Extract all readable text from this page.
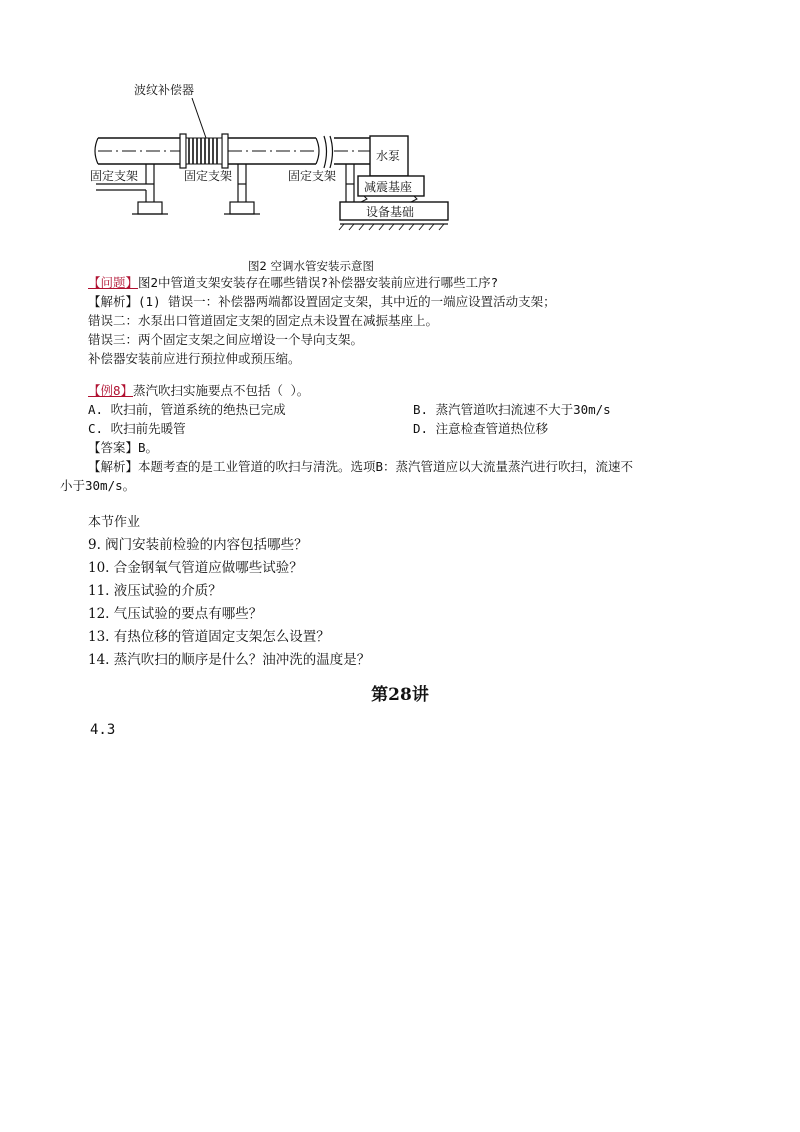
波纹补偿器
水泵
减震基座
设备基础
固定支架	固定支架	固定支架
图2 空调水管安装示意图
【问题】图2中管道支架安装存在哪些错误?补偿器安装前应进行哪些工序?
【解析】(1) 错误一：补偿器两端都设置固定支架，其中近的一端应设置活动支架；
错误二：水泵出口管道固定支架的固定点未设置在减振基座上。
错误三：两个固定支架之间应增设一个导向支架。
补偿器安装前应进行预拉伸或预压缩。
【例8】蒸汽吹扫实施要点不包括（ ）。
A. 吹扫前，管道系统的绝热已完成	B. 蒸汽管道吹扫流速不大于30m/s
C. 吹扫前先暖管	D. 注意检查管道热位移
【答案】B。
【解析】本题考查的是工业管道的吹扫与清洗。选项B：蒸汽管道应以大流量蒸汽进行吹扫，流速不
小于30m/s。
本节作业
9. 阀门安装前检验的内容包括哪些？
10. 合金钢氧气管道应做哪些试验？
11. 液压试验的介质？
12. 气压试验的要点有哪些？
13. 有热位移的管道固定支架怎么设置？
14. 蒸汽吹扫的顺序是什么？油冲洗的温度是？
第28讲
4.3
